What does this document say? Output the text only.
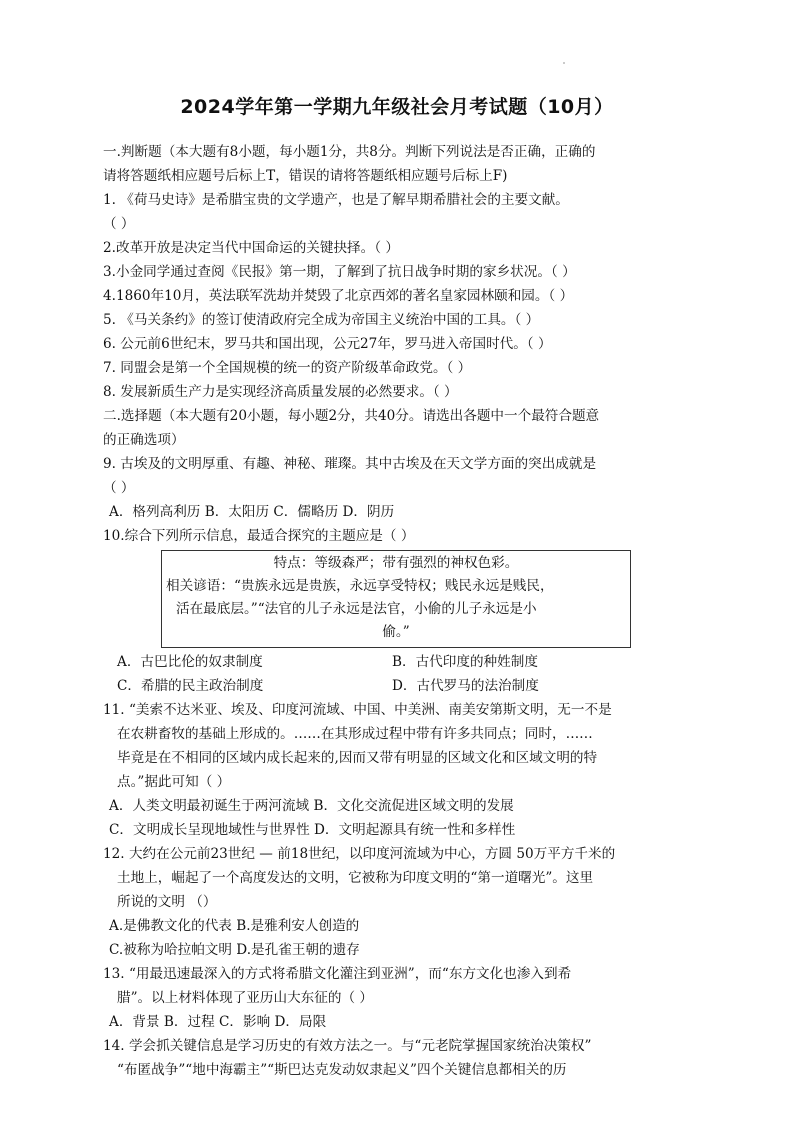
2024学年第一学期九年级社会月考试题（10月）
一.判断题（本大题有8小题，每小题1分，共8分。判断下列说法是否正确，正确的
请将答题纸相应题号后标上T，错误的请将答题纸相应题号后标上F)
1. 《荷马史诗》是希腊宝贵的文学遗产，也是了解早期希腊社会的主要文献。
（ ）
2.改革开放是决定当代中国命运的关键抉择。（ ）
3.小金同学通过查阅《民报》第一期，了解到了抗日战争时期的家乡状况。（ ）
4.1860年10月，英法联军洗劫并焚毁了北京西郊的著名皇家园林颐和园。（ ）
5. 《马关条约》的签订使清政府完全成为帝国主义统治中国的工具。（ ）
6. 公元前6世纪末，罗马共和国出现，公元27年，罗马进入帝国时代。（ ）
7. 同盟会是第一个全国规模的统一的资产阶级革命政党。（ ）
8. 发展新质生产力是实现经济高质量发展的必然要求。（ ）
二.选择题（本大题有20小题，每小题2分，共40分。请选出各题中一个最符合题意
的正确选项）
9. 古埃及的文明厚重、有趣、神秘、璀璨。其中古埃及在天文学方面的突出成就是
（ ）
A．格列高利历 B．太阳历 C．儒略历 D．阴历
10.综合下列所示信息，最适合探究的主题应是（ ）
特点：等级森严；带有强烈的神权色彩。
相关谚语：“贵族永远是贵族，永远享受特权；贱民永远是贱民，
活在最底层。”“法官的儿子永远是法官，小偷的儿子永远是小
偷。”
A．古巴比伦的奴隶制度	B．古代印度的种姓制度
C．希腊的民主政治制度	D．古代罗马的法治制度
11. “美索不达米亚、埃及、印度河流域、中国、中美洲、南美安第斯文明，无一不是
在农耕畜牧的基础上形成的。……在其形成过程中带有许多共同点；同时，……
毕竟是在不相同的区域内成长起来的,因而又带有明显的区域文化和区域文明的特
点。”据此可知（ ）
A．人类文明最初诞生于两河流域 B．文化交流促进区域文明的发展
C．文明成长呈现地域性与世界性 D．文明起源具有统一性和多样性
12. 大约在公元前23世纪 — 前18世纪，以印度河流域为中心，方圆 50万平方千米的
土地上，崛起了一个高度发达的文明，它被称为印度文明的“第一道曙光”。这里
所说的文明 （）
A.是佛教文化的代表 B.是雅利安人创造的
C.被称为哈拉帕文明 D.是孔雀王朝的遗存
13. “用最迅速最深入的方式将希腊文化灌注到亚洲”，而“东方文化也渗入到希
腊”。以上材料体现了亚历山大东征的（ ）
A．背景 B．过程 C．影响 D．局限
14. 学会抓关键信息是学习历史的有效方法之一。与“元老院掌握国家统治决策权”
“布匿战争”“地中海霸主”“斯巴达克发动奴隶起义”四个关键信息都相关的历
